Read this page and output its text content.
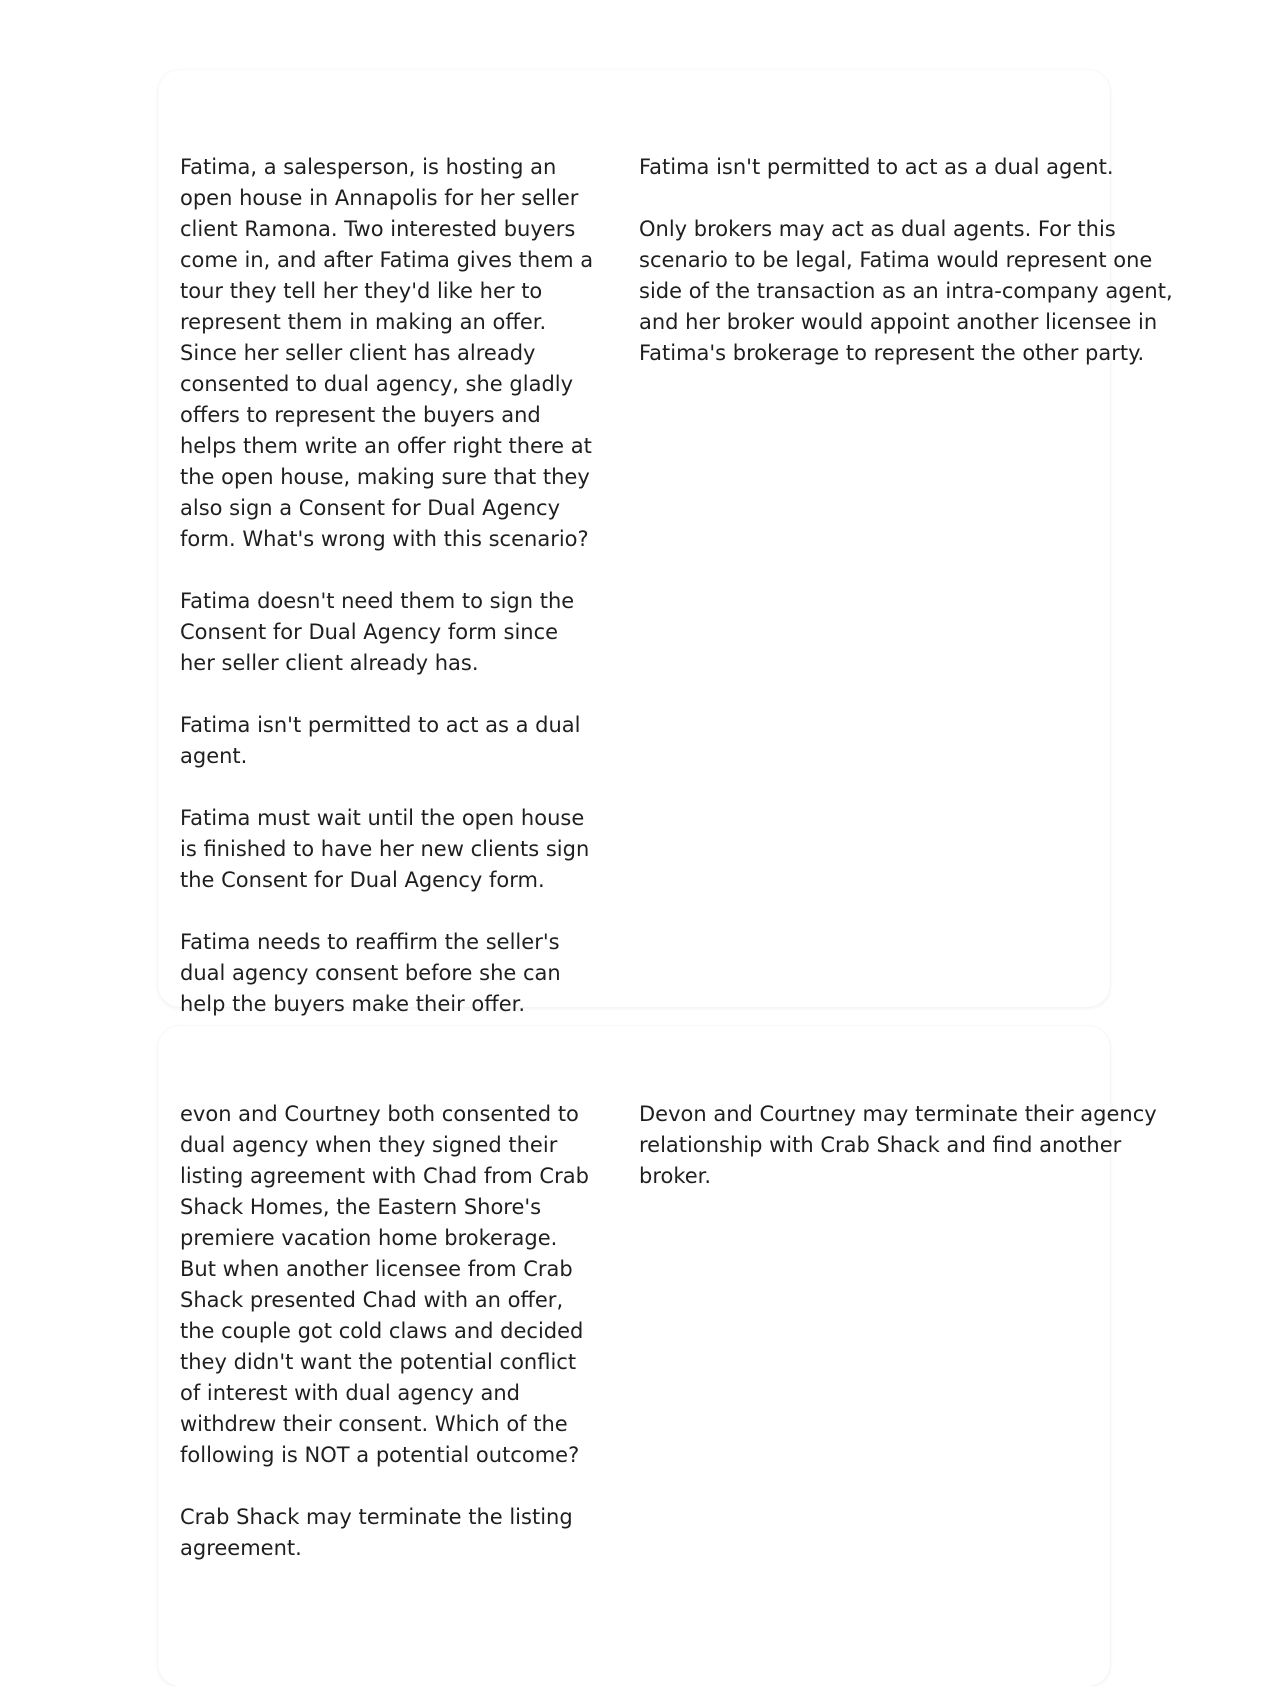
Fatima, a salesperson, is hosting an open house in Annapolis for her seller client Ramona. Two interested buyers come in, and after Fatima gives them a tour they tell her they'd like her to represent them in making an offer. Since her seller client has already consented to dual agency, she gladly offers to represent the buyers and helps them write an offer right there at the open house, making sure that they also sign a Consent for Dual Agency form. What's wrong with this scenario?

Fatima doesn't need them to sign the Consent for Dual Agency form since her seller client already has.

Fatima isn't permitted to act as a dual agent.

Fatima must wait until the open house is finished to have her new clients sign the Consent for Dual Agency form.

Fatima needs to reaffirm the seller's dual agency consent before she can help the buyers make their offer.

Fatima isn't permitted to act as a dual agent.

Only brokers may act as dual agents. For this scenario to be legal, Fatima would represent one side of the transaction as an intra-company agent, and her broker would appoint another licensee in Fatima's brokerage to represent the other party.

evon and Courtney both consented to dual agency when they signed their listing agreement with Chad from Crab Shack Homes, the Eastern Shore's premiere vacation home brokerage. But when another licensee from Crab Shack presented Chad with an offer, the couple got cold claws and decided they didn't want the potential conflict of interest with dual agency and withdrew their consent. Which of the following is NOT a potential outcome?

Crab Shack may terminate the listing agreement.

Devon and Courtney may terminate their agency relationship with Crab Shack and find another broker.
